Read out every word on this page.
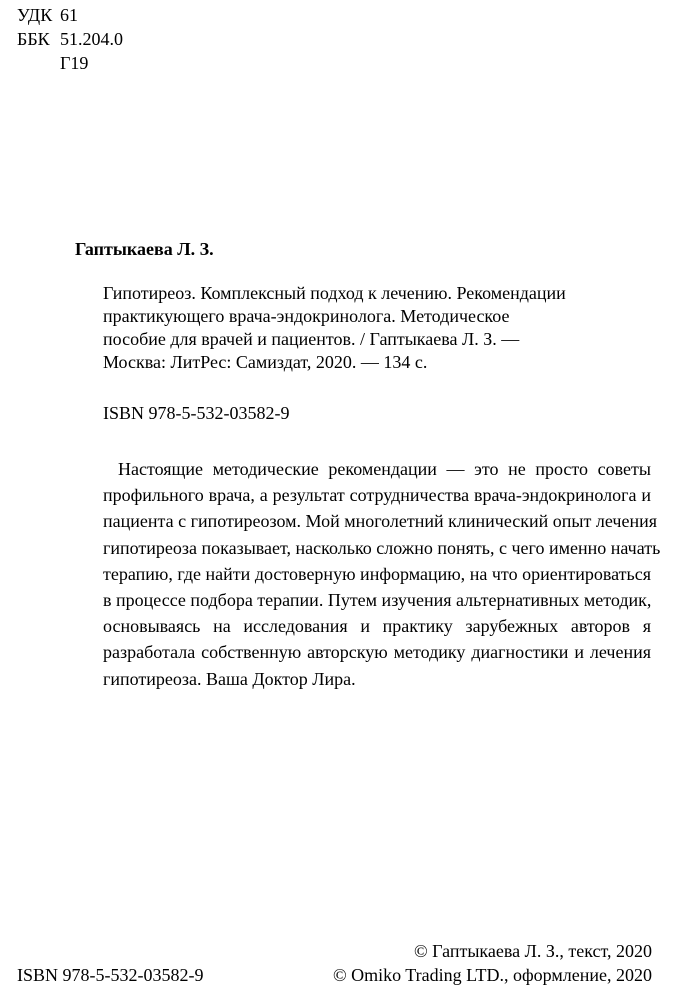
УДК 61
ББК 51.204.0
Г19
Гаптыкаева Л. З.
Гипотиреоз. Комплексный подход к лечению. Рекомендации
практикующего врача-эндокринолога. Методическое
пособие для врачей и пациентов. / Гаптыкаева Л. З. —
Москва: ЛитРес: Самиздат, 2020. — 134 с.
ISBN 978-5-532-03582-9
Настоящие методические рекомендации — это не просто советы
профильного врача, а результат сотрудничества врача-эндокринолога и
пациента с гипотиреозом. Мой многолетний клинический опыт лечения
гипотиреоза показывает, насколько сложно понять, с чего именно начать
терапию, где найти достоверную информацию, на что ориентироваться
в процессе подбора терапии. Путем изучения альтернативных методик,
основываясь на исследования и практику зарубежных авторов я
разработала собственную авторскую методику диагностики и лечения
гипотиреоза. Ваша Доктор Лира.
ISBN 978-5-532-03582-9
© Гаптыкаева Л. З., текст, 2020
© Omiko Trading LTD., оформление, 2020
